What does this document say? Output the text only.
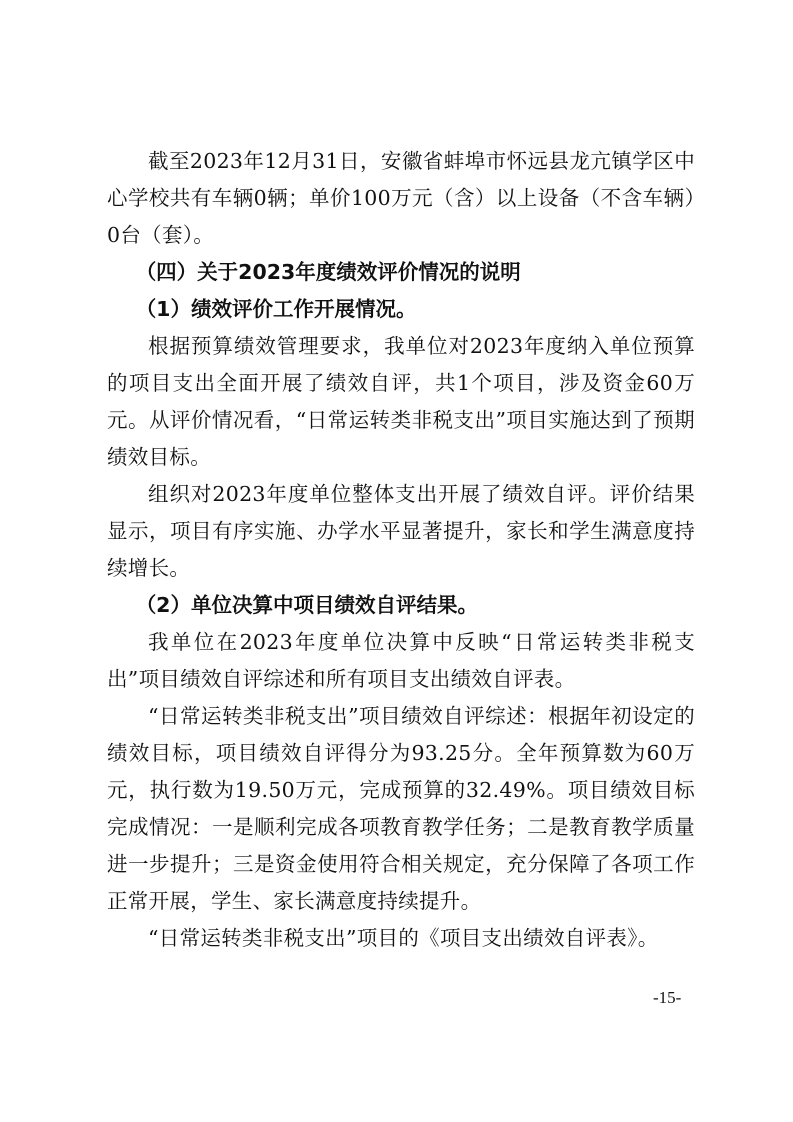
截至2023年12月31日，安徽省蚌埠市怀远县龙亢镇学区中心学校共有车辆0辆；单价100万元（含）以上设备（不含车辆）0台（套）。

（四）关于2023年度绩效评价情况的说明

（1）绩效评价工作开展情况。

根据预算绩效管理要求，我单位对2023年度纳入单位预算的项目支出全面开展了绩效自评，共1个项目，涉及资金60万元。从评价情况看，“日常运转类非税支出”项目实施达到了预期绩效目标。

组织对2023年度单位整体支出开展了绩效自评。评价结果显示，项目有序实施、办学水平显著提升，家长和学生满意度持续增长。

（2）单位决算中项目绩效自评结果。

我单位在2023年度单位决算中反映“日常运转类非税支出”项目绩效自评综述和所有项目支出绩效自评表。

“日常运转类非税支出”项目绩效自评综述：根据年初设定的绩效目标，项目绩效自评得分为93.25分。全年预算数为60万元，执行数为19.50万元，完成预算的32.49%。项目绩效目标完成情况：一是顺利完成各项教育教学任务；二是教育教学质量进一步提升；三是资金使用符合相关规定，充分保障了各项工作正常开展，学生、家长满意度持续提升。

“日常运转类非税支出”项目的《项目支出绩效自评表》。

-15-
